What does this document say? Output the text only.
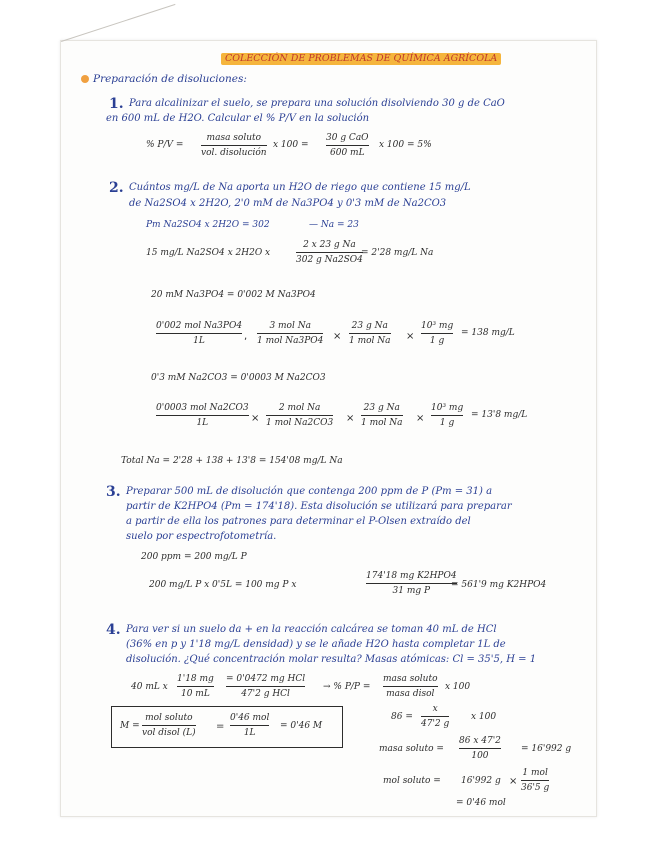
COLECCIÓN DE PROBLEMAS DE QUÍMICA AGRÍCOLA
Preparación de disoluciones:
1. Para alcalinizar el suelo, se prepara una solución disolviendo 30 g de CaO
en 600 mL de H2O. Calcular el % P/V en la solución
% P/V =
masa soluto
vol. disolución
x 100 =
30 g CaO
600 mL
x 100 = 5%
2. Cuántos mg/L de Na aporta un H2O de riego que contiene 15 mg/L
de Na2SO4 x 2H2O, 2'0 mM de Na3PO4 y 0'3 mM de Na2CO3
Pm Na2SO4 x 2H2O = 302	— Na = 23
15 mg/L Na2SO4 x 2H2O x
2 x 23 g Na
302 g Na2SO4
= 2'28 mg/L Na
20 mM Na3PO4 = 0'002 M Na3PO4
0'002 mol Na3PO4
1L	,
3 mol Na
1 mol Na3PO4 ×
23 g Na
1 mol Na ×
10³ mg
1 g
= 138 mg/L
0'3 mM Na2CO3 = 0'0003 M Na2CO3
0'0003 mol Na2CO3
1L	×
2 mol Na
1 mol Na2CO3 ×
23 g Na
1 mol Na ×
10³ mg
1 g
= 13'8 mg/L
Total Na = 2'28 + 138 + 13'8 = 154'08 mg/L Na
3. Preparar 500 mL de disolución que contenga 200 ppm de P (Pm = 31) a
partir de K2HPO4 (Pm = 174'18). Esta disolución se utilizará para preparar
a partir de ella los patrones para determinar el P-Olsen extraído del
suelo por espectrofotometría.
200 ppm = 200 mg/L P
200 mg/L P x 0'5L = 100 mg P x
174'18 mg K2HPO4
31 mg P
= 561'9 mg K2HPO4
4. Para ver si un suelo da + en la reacción calcárea se toman 40 mL de HCl
(36% en p y 1'18 mg/L densidad) y se le añade H2O hasta completar 1L de
disolución. ¿Qué concentración molar resulta? Masas atómicas: Cl = 35'5, H = 1
40 mL x
1'18 mg
10 mL
= 0'0472 mg HCl
47'2 g HCl
→ % P/P =
masa soluto
masa disol
x 100
M =
mol soluto
vol disol (L)
=
0'46 mol
1L
= 0'46 M
86 =
x
47'2 g
x 100
masa soluto =
86 x 47'2
100
= 16'992 g
mol soluto = 16'992 g ×
1 mol
36'5 g
= 0'46 mol
